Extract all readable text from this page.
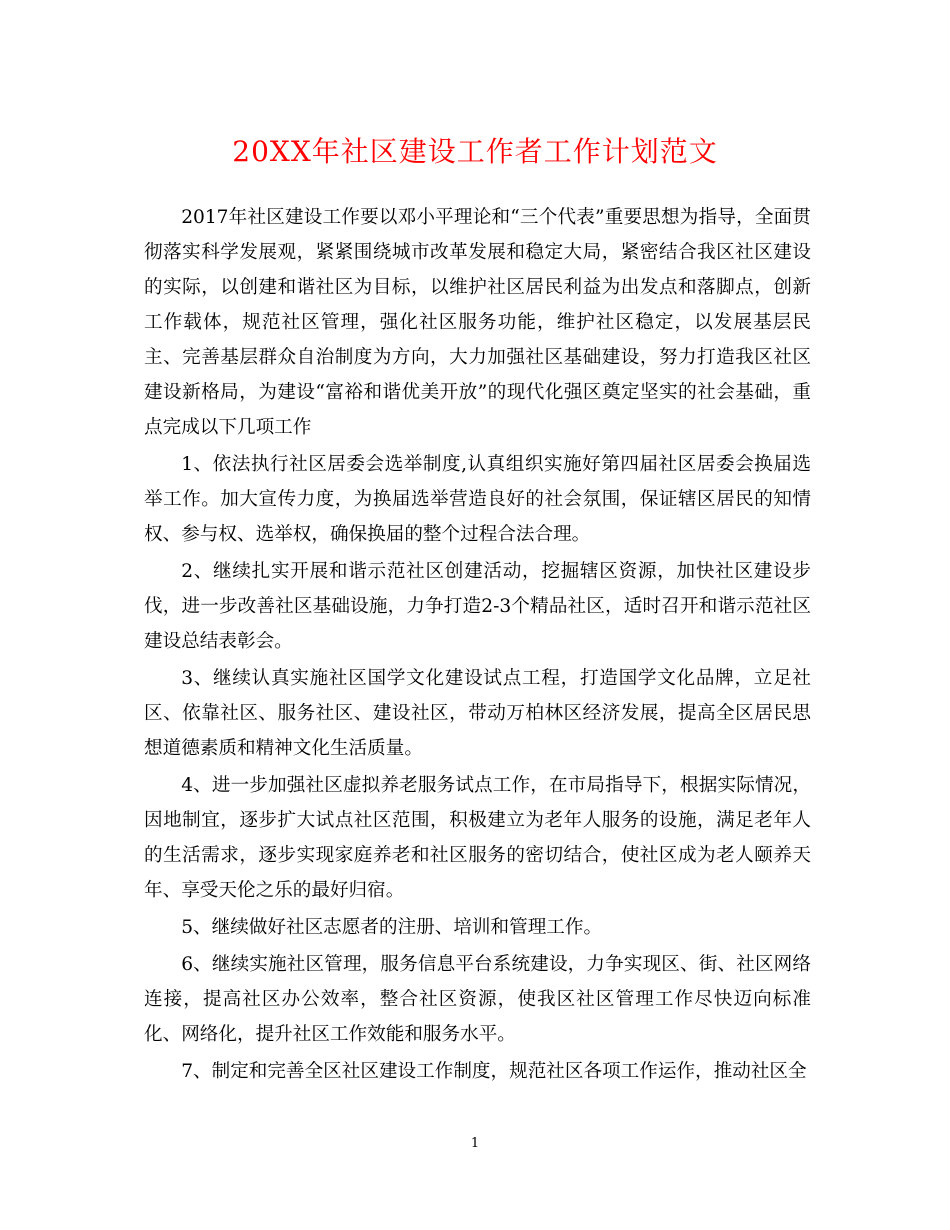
20XX年社区建设工作者工作计划范文

2017年社区建设工作要以邓小平理论和“三个代表”重要思想为指导，全面贯彻落实科学发展观，紧紧围绕城市改革发展和稳定大局，紧密结合我区社区建设的实际，以创建和谐社区为目标，以维护社区居民利益为出发点和落脚点，创新工作载体，规范社区管理，强化社区服务功能，维护社区稳定，以发展基层民主、完善基层群众自治制度为方向，大力加强社区基础建设，努力打造我区社区建设新格局，为建设“富裕和谐优美开放”的现代化强区奠定坚实的社会基础，重点完成以下几项工作

1、依法执行社区居委会选举制度,认真组织实施好第四届社区居委会换届选举工作。加大宣传力度，为换届选举营造良好的社会氛围，保证辖区居民的知情权、参与权、选举权，确保换届的整个过程合法合理。

2、继续扎实开展和谐示范社区创建活动，挖掘辖区资源，加快社区建设步伐，进一步改善社区基础设施，力争打造2-3个精品社区，适时召开和谐示范社区建设总结表彰会。

3、继续认真实施社区国学文化建设试点工程，打造国学文化品牌，立足社区、依靠社区、服务社区、建设社区，带动万柏林区经济发展，提高全区居民思想道德素质和精神文化生活质量。

4、进一步加强社区虚拟养老服务试点工作，在市局指导下，根据实际情况，因地制宜，逐步扩大试点社区范围，积极建立为老年人服务的设施，满足老年人的生活需求，逐步实现家庭养老和社区服务的密切结合，使社区成为老人颐养天年、享受天伦之乐的最好归宿。

5、继续做好社区志愿者的注册、培训和管理工作。

6、继续实施社区管理，服务信息平台系统建设，力争实现区、街、社区网络连接，提高社区办公效率，整合社区资源，使我区社区管理工作尽快迈向标准化、网络化，提升社区工作效能和服务水平。

7、制定和完善全区社区建设工作制度，规范社区各项工作运作，推动社区全

1
